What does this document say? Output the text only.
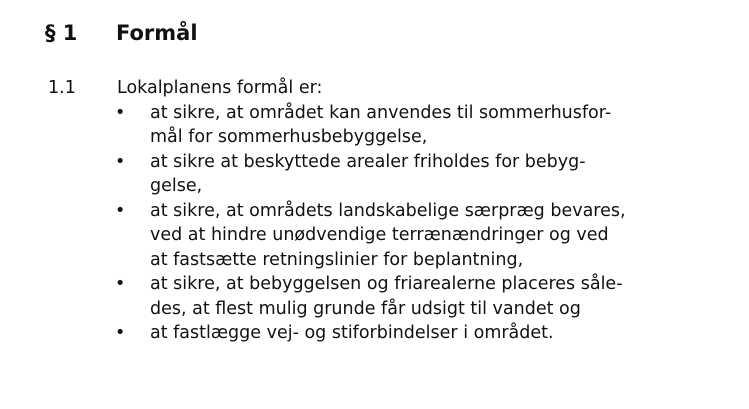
§ 1	Formål
1.1	Lokalplanens formål er:
•	at sikre, at området kan anvendes til sommerhusfor-
mål for sommerhusbebyggelse,
•	at sikre at beskyttede arealer friholdes for bebyg-
gelse,
•	at sikre, at områdets landskabelige særpræg bevares,
ved at hindre unødvendige terrænændringer og ved
at fastsætte retningslinier for beplantning,
•	at sikre, at bebyggelsen og friarealerne placeres såle-
des, at flest mulig grunde får udsigt til vandet og
•	at fastlægge vej- og stiforbindelser i området.
